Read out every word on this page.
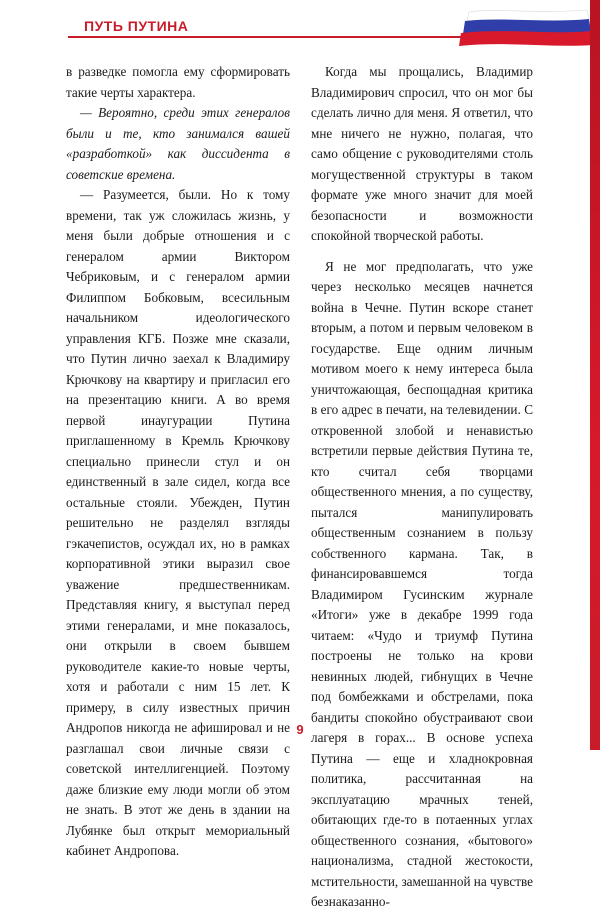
ПУТЬ ПУТИНА

в разведке помогла ему сформировать такие черты характера.

— Вероятно, среди этих генералов были и те, кто занимался вашей «разработкой» как диссидента в советские времена.

— Разумеется, были. Но к тому времени, так уж сложилась жизнь, у меня были добрые отношения и с генералом армии Виктором Чебриковым, и с генералом армии Филиппом Бобковым, всесильным начальником идеологического управления КГБ. Позже мне сказали, что Путин лично заехал к Владимиру Крючкову на квартиру и пригласил его на презентацию книги. А во время первой инаугурации Путина приглашенному в Кремль Крючкову специально принесли стул и он единственный в зале сидел, когда все остальные стояли. Убежден, Путин решительно не разделял взгляды гэкачепистов, осуждал их, но в рамках корпоративной этики выразил свое уважение предшественникам. Представляя книгу, я выступал перед этими генералами, и мне показалось, они открыли в своем бывшем руководителе какие-то новые черты, хотя и работали с ним 15 лет. К примеру, в силу известных причин Андропов никогда не афишировал и не разглашал свои личные связи с советской интеллигенцией. Поэтому даже близкие ему люди могли об этом не знать. В этот же день в здании на Лубянке был открыт мемориальный кабинет Андропова.

Когда мы прощались, Владимир Владимирович спросил, что он мог бы сделать лично для меня. Я ответил, что мне ничего не нужно, полагая, что само общение с руководителями столь могущественной структуры в таком формате уже много значит для моей безопасности и возможности спокойной творческой работы.

Я не мог предполагать, что уже через несколько месяцев начнется война в Чечне. Путин вскоре станет вторым, а потом и первым человеком в государстве. Еще одним личным мотивом моего к нему интереса была уничтожающая, беспощадная критика в его адрес в печати, на телевидении. С откровенной злобой и ненавистью встретили первые действия Путина те, кто считал себя творцами общественного мнения, а по существу, пытался манипулировать общественным сознанием в пользу собственного кармана. Так, в финансировавшемся тогда Владимиром Гусинским журнале «Итоги» уже в декабре 1999 года читаем: «Чудо и триумф Путина построены не только на крови невинных людей, гибнущих в Чечне под бомбежками и обстрелами, пока бандиты спокойно обустраивают свои лагеря в горах... В основе успеха Путина — еще и хладнокровная политика, рассчитанная на эксплуатацию мрачных теней, обитающих где-то в потаенных углах общественного сознания, «бытового» национализма, стадной жестокости, мстительности, замешанной на чувстве безнаказанно-

9
